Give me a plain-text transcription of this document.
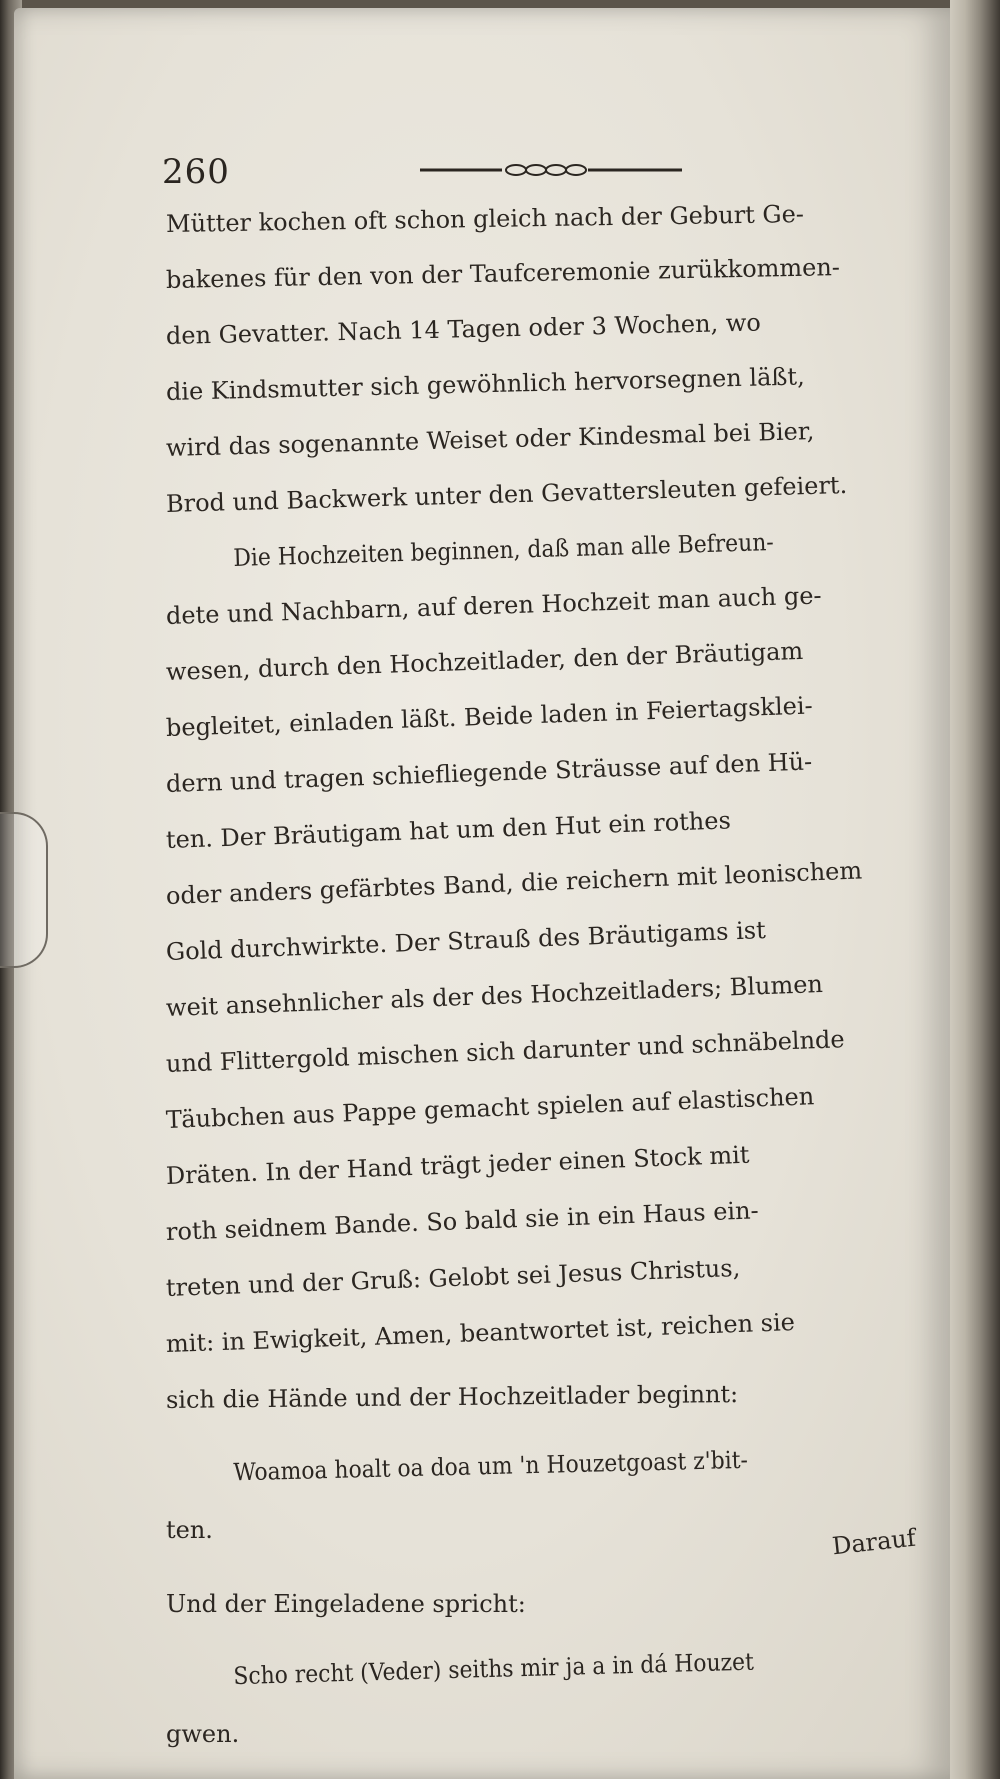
260
Mütter kochen oft schon gleich nach der Geburt Ge-
bakenes für den von der Taufceremonie zurükkommen-
den Gevatter. Nach 14 Tagen oder 3 Wochen, wo
die Kindsmutter sich gewöhnlich hervorsegnen läßt,
wird das sogenannte Weiset oder Kindesmal bei Bier,
Brod und Backwerk unter den Gevattersleuten gefeiert.
Die Hochzeiten beginnen, daß man alle Befreun-
dete und Nachbarn, auf deren Hochzeit man auch ge-
wesen, durch den Hochzeitlader, den der Bräutigam
begleitet, einladen läßt. Beide laden in Feiertagsklei-
dern und tragen schiefliegende Sträusse auf den Hü-
ten. Der Bräutigam hat um den Hut ein rothes
oder anders gefärbtes Band, die reichern mit leonischem
Gold durchwirkte. Der Strauß des Bräutigams ist
weit ansehnlicher als der des Hochzeitladers; Blumen
und Flittergold mischen sich darunter und schnäbelnde
Täubchen aus Pappe gemacht spielen auf elastischen
Dräten. In der Hand trägt jeder einen Stock mit
roth seidnem Bande. So bald sie in ein Haus ein-
treten und der Gruß: Gelobt sei Jesus Christus,
mit: in Ewigkeit, Amen, beantwortet ist, reichen sie
sich die Hände und der Hochzeitlader beginnt:
Woamoa hoalt oa doa um 'n Houzetgoast z'bit-
ten.
Und der Eingeladene spricht:
Scho recht (Veder) seiths mir ja a in dá Houzet
gwen.
Darauf
